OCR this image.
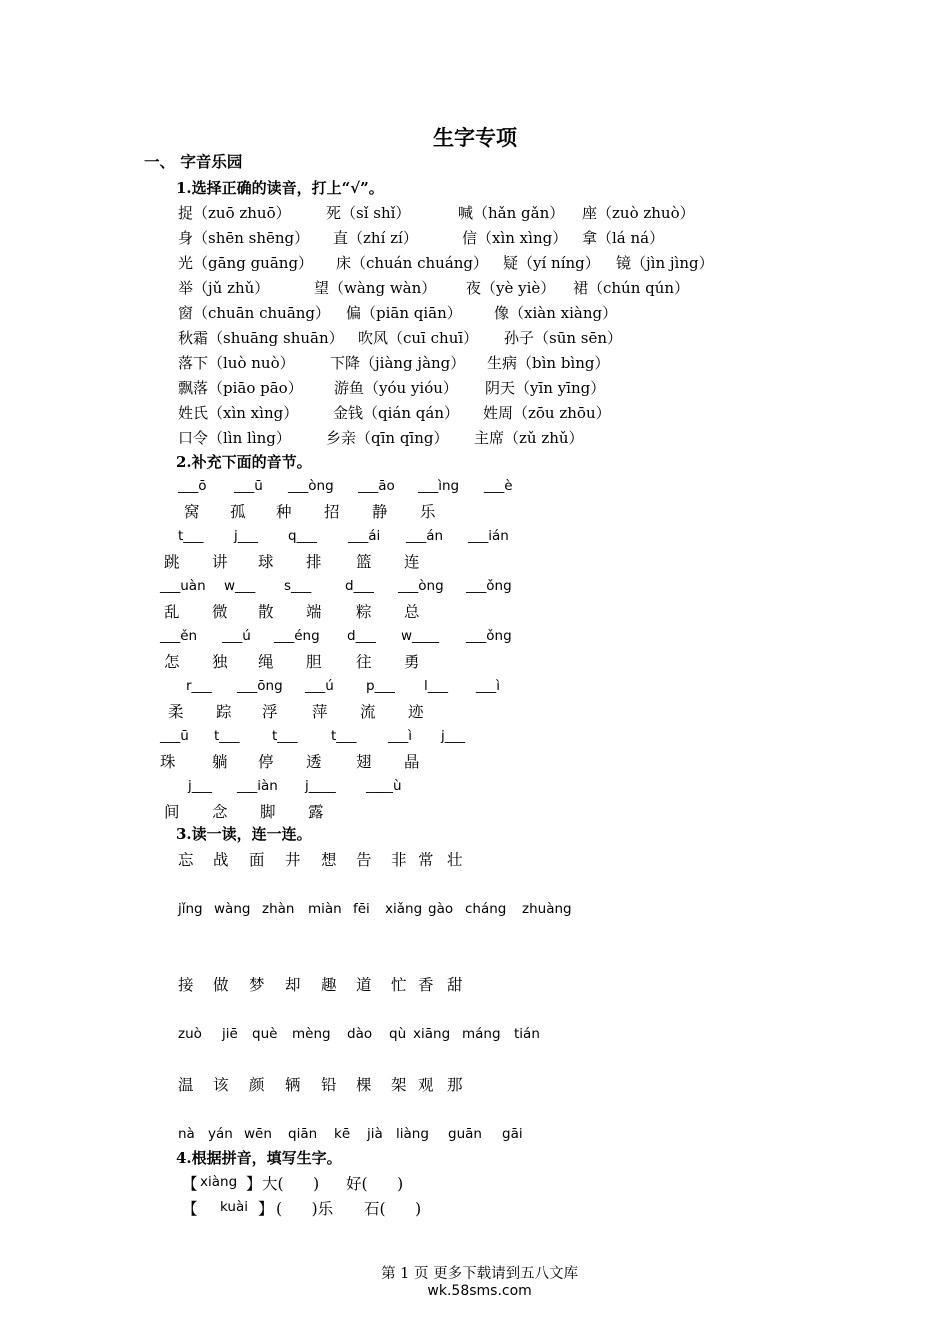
生字专项
一、 字音乐园
1.选择正确的读音，打上“√”。
捉（zuō zhuō） 死（sǐ shǐ）	喊（hǎn gǎn） 座（zuò zhuò）
身（shēn shēng） 直（zhí zí）	信（xìn xìng） 拿（lá ná）
光（gāng guāng） 床（chuán chuáng） 疑（yí níng） 镜（jìn jìng）
举（jǔ zhǔ）	望（wàng wàn） 夜（yè yiè） 裙（chún qún）
窗（chuān chuāng） 偏（piān qiān） 像（xiàn xiàng）
秋霜（shuāng shuān） 吹风（cuī chuī） 孙子（sūn sēn）
落下（luò nuò） 下降（jiàng jàng） 生病（bìn bìng）
飘落（piāo pāo） 游鱼（yóu yióu） 阴天（yīn yīng）
姓氏（xìn xìng） 金钱（qián qán） 姓周（zōu zhōu）
口令（lìn lìng） 乡亲（qīn qīng） 主席（zǔ zhǔ）
2.补充下面的音节。
___ō ___ū ___òng ___āo ___ìng ___è
窝 孤 种 招 静 乐
t___ j___ q___ ___ái ___án ___ián
跳 讲 球 排 篮 连
___uàn w___ s___ d___ ___òng ___ǒng
乱 微 散 端 粽 总
___ěn ___ú ___éng d___ w____ ___ǒng
怎 独 绳 胆 往 勇
r___ ___ōng ___ú p___ l___ ___ì
柔 踪 浮 萍 流 迹
___ū t___ t___ t___ ___ì j___
珠 躺 停 透 翅 晶
j___ ___iàn j____ ____ù
间 念 脚 露
3.读一读，连一连。
忘 战 面 井 想 告 非 常 壮
jǐng wàng zhàn miàn fēi xiǎng gào cháng zhuàng
接 做 梦 却 趣 道 忙 香 甜
zuò jiē què mèng dào qù xiāng máng tián
温 该 颜 辆 铅 棵 架 观 那
nà yán wēn qiān kē jià liàng guān gāi
4.根据拼音，填写生字。
【 xiàng 】 大(      ) 好(      )
【 kuài 】 (      )乐 石(      )

第 1 页 更多下载请到五八文库
wk.58sms.com
